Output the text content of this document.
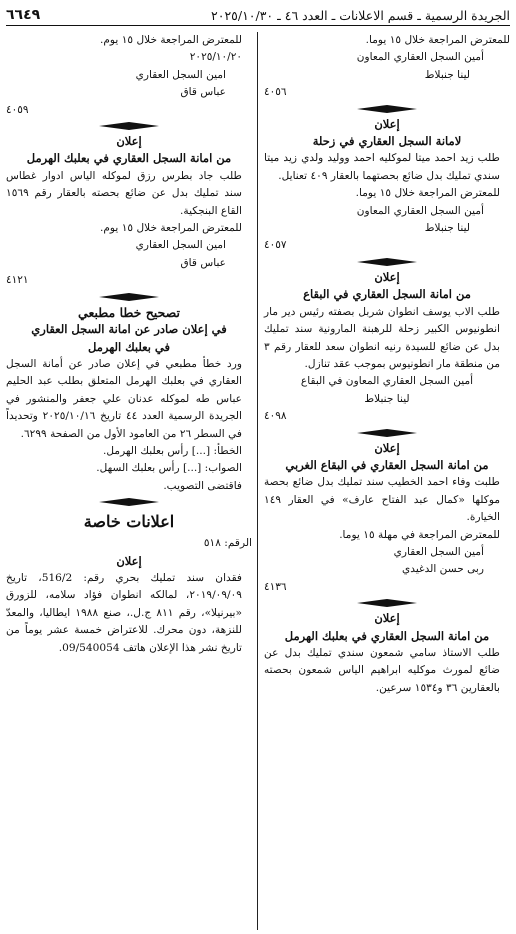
الجريدة الرسمية ـ قسم الاعلانات ـ العدد ٤٦ ـ ٢٠٢٥/١٠/٣٠
٦٦٤٩
للمعترض المراجعة خلال ١٥ يوما.
أمين السجل العقاري المعاون
لينا جنبلاط
٤٠٥٦
إعلان
لامانة السجل العقاري في زحلة
طلب زيد احمد ميتا لموكليه احمد ووليد ولدي زيد ميتا سندي تمليك بدل ضائع بحصتهما بالعقار ٤٠٩ تعنايل.
للمعترض المراجعة خلال ١٥ يوما.
أمين السجل العقاري المعاون
لينا جنبلاط
٤٠٥٧
إعلان
من امانة السجل العقاري في البقاع
طلب الاب يوسف انطوان شربل بصفته رئيس دير مار انطونيوس الكبير زحلة للرهبنة المارونية سند تمليك بدل عن ضائع للسيدة رنيه انطوان سعد للعقار رقم ٣ من منطقة مار انطونيوس بموجب عقد تنازل.
أمين السجل العقاري المعاون في البقاع
لينا جنبلاط
٤٠٩٨
إعلان
من امانة السجل العقاري في البقاع الغربي
طلبت وفاء احمد الخطيب سند تمليك بدل ضائع بحصة موكلها «كمال عبد الفتاح عارف» في العقار ١٤٩ الخيارة.
للمعترض المراجعة في مهلة ١٥ يوما.
أمين السجل العقاري
ربى حسن الدغيدي
٤١٣٦
إعلان
من امانة السجل العقاري في بعلبك الهرمل
طلب الاستاذ سامي شمعون سندي تمليك بدل عن ضائع لمورث موكليه ابراهيم الياس شمعون بحصته بالعقارين ٣٦ و١٥٣٤ سرعين.
للمعترض المراجعة خلال ١٥ يوم.
٢٠٢٥/١٠/٢٠
امين السجل العقاري
عباس قاق
٤٠٥٩
إعلان
من امانة السجل العقاري في بعلبك الهرمل
طلب جاد بطرس رزق لموكله الياس ادوار غطاس سند تمليك بدل عن ضائع بحصته بالعقار رقم ١٥٦٩ القاع البنجكية.
للمعترض المراجعة خلال ١٥ يوم.
امين السجل العقاري
عباس قاق
٤١٢١
تصحيح خطا مطبعي
في إعلان صادر عن امانة السجل العقاري
في بعلبك الهرمل
ورد خطأ مطبعي في إعلان صادر عن أمانة السجل العقاري في بعلبك الهرمل المتعلق بطلب عبد الحليم عباس طه لموكله عدنان علي جعفر والمنشور في الجريدة الرسمية العدد ٤٤ تاريخ ٢٠٢٥/١٠/١٦ وتحديداً في السطر ٢٦ من العامود الأول من الصفحة ٦٢٩٩.
الخطأ: [...] رأس بعلبك الهرمل.
الصواب: [...] رأس بعلبك السهل.
فاقتضى التصويب.
اعلانات خاصة
الرقم: ٥١٨
إعلان
فقدان سند تمليك بحري رقم: 516/2، تاريخ ٢٠١٩/٠٩/٠٩، لمالكه انطوان فؤاد سلامه، للزورق «بيرنيلا»، رقم ٨١١ ج.ل.، صنع ١٩٨٨ ايطاليا، والمعدّ للنزهة، دون محرك. للاعتراض خمسة عشر يوماً من تاريخ نشر هذا الإعلان هاتف 09/540054.
